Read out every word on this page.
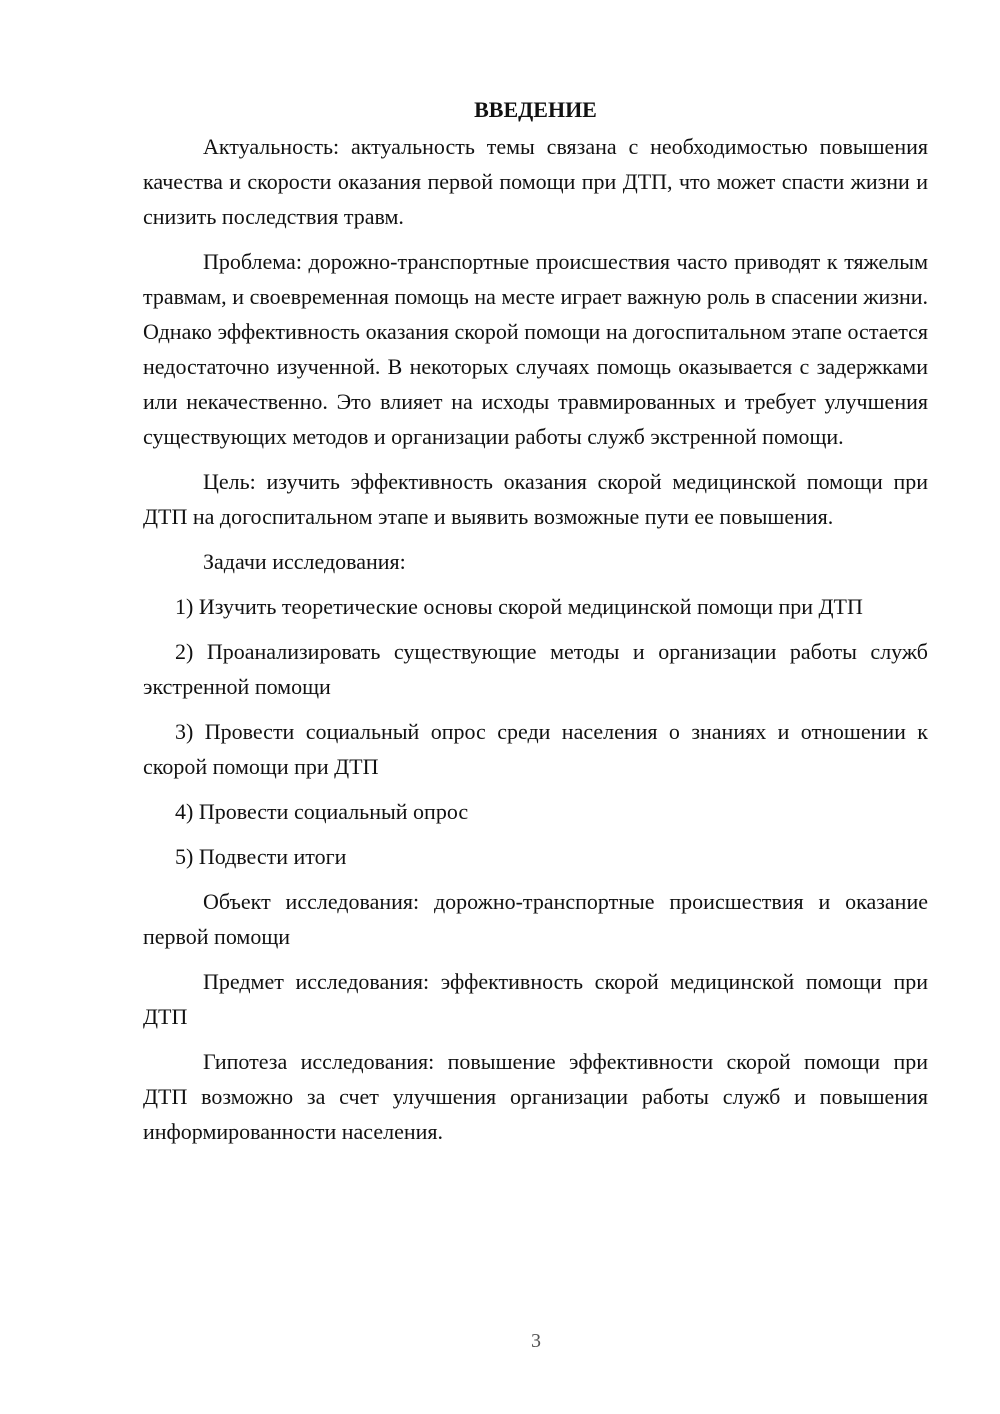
ВВЕДЕНИЕ

Актуальность: актуальность темы связана с необходимостью повышения качества и скорости оказания первой помощи при ДТП, что может спасти жизни и снизить последствия травм.

Проблема: дорожно-транспортные происшествия часто приводят к тяжелым травмам, и своевременная помощь на месте играет важную роль в спасении жизни. Однако эффективность оказания скорой помощи на догоспитальном этапе остается недостаточно изученной. В некоторых случаях помощь оказывается с задержками или некачественно. Это влияет на исходы травмированных и требует улучшения существующих методов и организации работы служб экстренной помощи.

Цель: изучить эффективность оказания скорой медицинской помощи при ДТП на догоспитальном этапе и выявить возможные пути ее повышения.

Задачи исследования:

1) Изучить теоретические основы скорой медицинской помощи при ДТП

2) Проанализировать существующие методы и организации работы служб экстренной помощи

3) Провести социальный опрос среди населения о знаниях и отношении к скорой помощи при ДТП

4) Провести социальный опрос

5) Подвести итоги

Объект исследования: дорожно-транспортные происшествия и оказание первой помощи

Предмет исследования: эффективность скорой медицинской помощи при ДТП

Гипотеза исследования: повышение эффективности скорой помощи при ДТП возможно за счет улучшения организации работы служб и повышения информированности населения.

3
